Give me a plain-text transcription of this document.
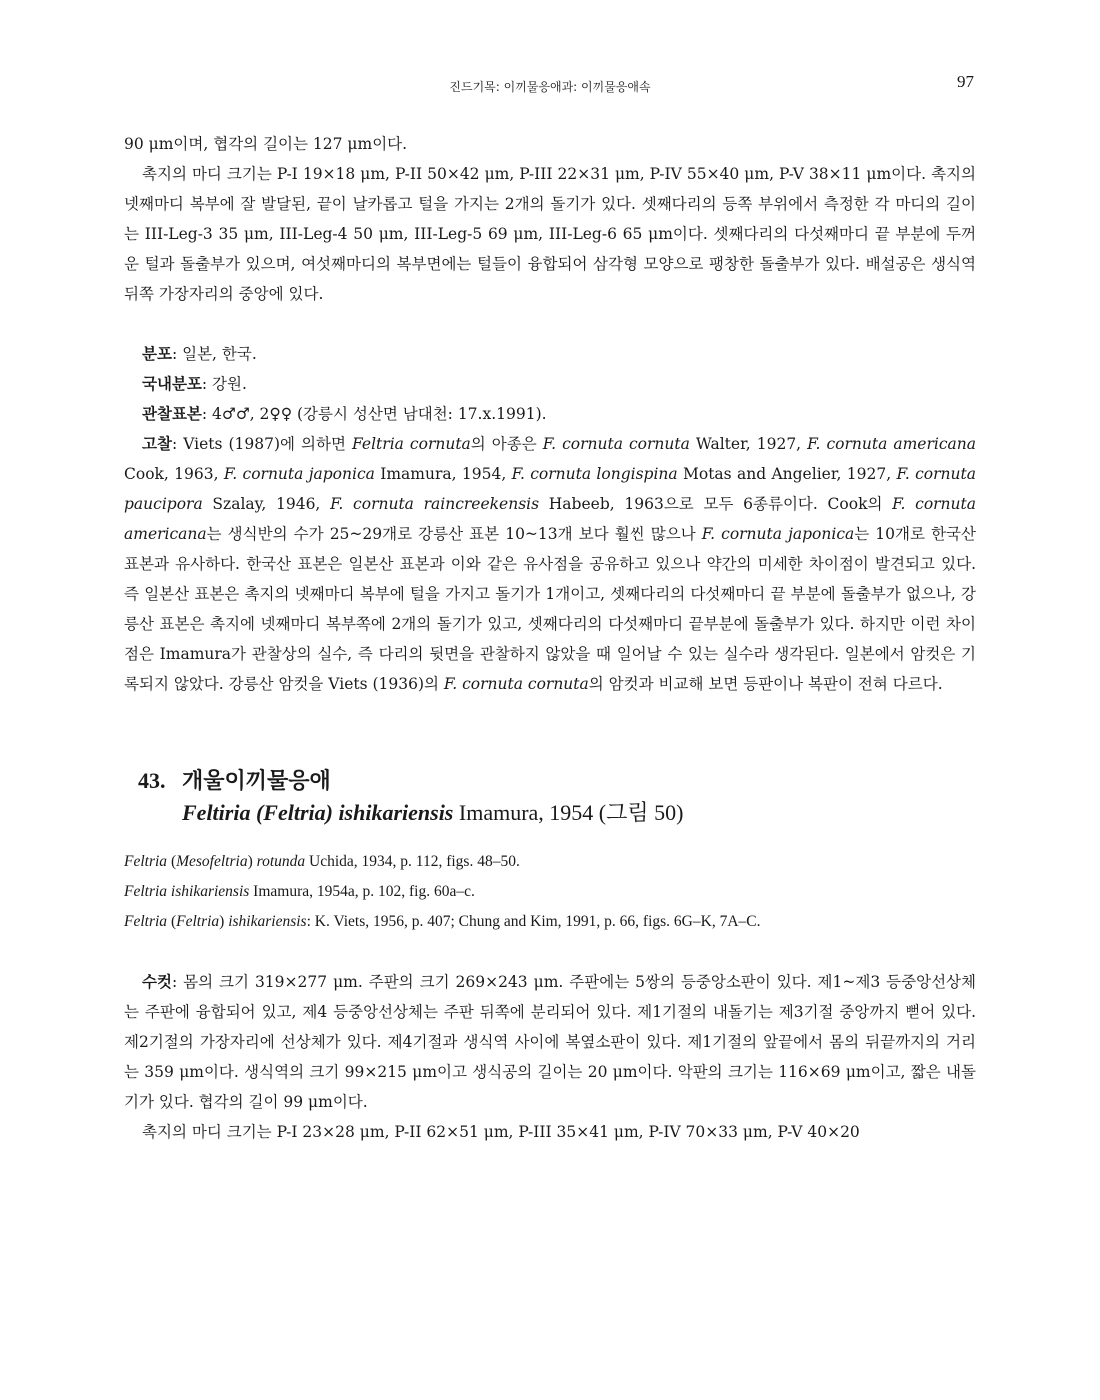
진드기목: 이끼물응애과: 이끼물응애속	97

90 μm이며, 협각의 길이는 127 μm이다.

촉지의 마디 크기는 P-I 19×18 μm, P-II 50×42 μm, P-III 22×31 μm, P-IV 55×40 μm, P-V 38×11 μm이다. 촉지의 넷째마디 복부에 잘 발달된, 끝이 날카롭고 털을 가지는 2개의 돌기가 있다. 셋째다리의 등쪽 부위에서 측정한 각 마디의 길이는 III-Leg-3 35 μm, III-Leg-4 50 μm, III-Leg-5 69 μm, III-Leg-6 65 μm이다. 셋째다리의 다섯째마디 끝 부분에 두꺼운 털과 돌출부가 있으며, 여섯째마디의 복부면에는 털들이 융합되어 삼각형 모양으로 팽창한 돌출부가 있다. 배설공은 생식역 뒤쪽 가장자리의 중앙에 있다.

분포: 일본, 한국.

국내분포: 강원.

관찰표본: 4♂♂, 2♀♀ (강릉시 성산면 남대천: 17.x.1991).

고찰: Viets (1987)에 의하면 Feltria cornuta의 아종은 F. cornuta cornuta Walter, 1927, F. cornuta americana Cook, 1963, F. cornuta japonica Imamura, 1954, F. cornuta longispina Motas and Angelier, 1927, F. cornuta paucipora Szalay, 1946, F. cornuta raincreekensis Habeeb, 1963으로 모두 6종류이다. Cook의 F. cornuta americana는 생식반의 수가 25~29개로 강릉산 표본 10~13개 보다 훨씬 많으나 F. cornuta japonica는 10개로 한국산 표본과 유사하다. 한국산 표본은 일본산 표본과 이와 같은 유사점을 공유하고 있으나 약간의 미세한 차이점이 발견되고 있다. 즉 일본산 표본은 촉지의 넷째마디 복부에 털을 가지고 돌기가 1개이고, 셋째다리의 다섯째마디 끝 부분에 돌출부가 없으나, 강릉산 표본은 촉지에 넷째마디 복부쪽에 2개의 돌기가 있고, 셋째다리의 다섯째마디 끝부분에 돌출부가 있다. 하지만 이런 차이점은 Imamura가 관찰상의 실수, 즉 다리의 뒷면을 관찰하지 않았을 때 일어날 수 있는 실수라 생각된다. 일본에서 암컷은 기록되지 않았다. 강릉산 암컷을 Viets (1936)의 F. cornuta cornuta의 암컷과 비교해 보면 등판이나 복판이 전혀 다르다.

43. 개울이끼물응애
Feltiria (Feltria) ishikariensis Imamura, 1954 (그림 50)

Feltria (Mesofeltria) rotunda Uchida, 1934, p. 112, figs. 48–50.

Feltria ishikariensis Imamura, 1954a, p. 102, fig. 60a–c.

Feltria (Feltria) ishikariensis: K. Viets, 1956, p. 407; Chung and Kim, 1991, p. 66, figs. 6G–K, 7A–C.

수컷: 몸의 크기 319×277 μm. 주판의 크기 269×243 μm. 주판에는 5쌍의 등중앙소판이 있다. 제1~제3 등중앙선상체는 주판에 융합되어 있고, 제4 등중앙선상체는 주판 뒤쪽에 분리되어 있다. 제1기절의 내돌기는 제3기절 중앙까지 뻗어 있다. 제2기절의 가장자리에 선상체가 있다. 제4기절과 생식역 사이에 복옆소판이 있다. 제1기절의 앞끝에서 몸의 뒤끝까지의 거리는 359 μm이다. 생식역의 크기 99×215 μm이고 생식공의 길이는 20 μm이다. 악판의 크기는 116×69 μm이고, 짧은 내돌기가 있다. 협각의 길이 99 μm이다.

촉지의 마디 크기는 P-I 23×28 μm, P-II 62×51 μm, P-III 35×41 μm, P-IV 70×33 μm, P-V 40×20
